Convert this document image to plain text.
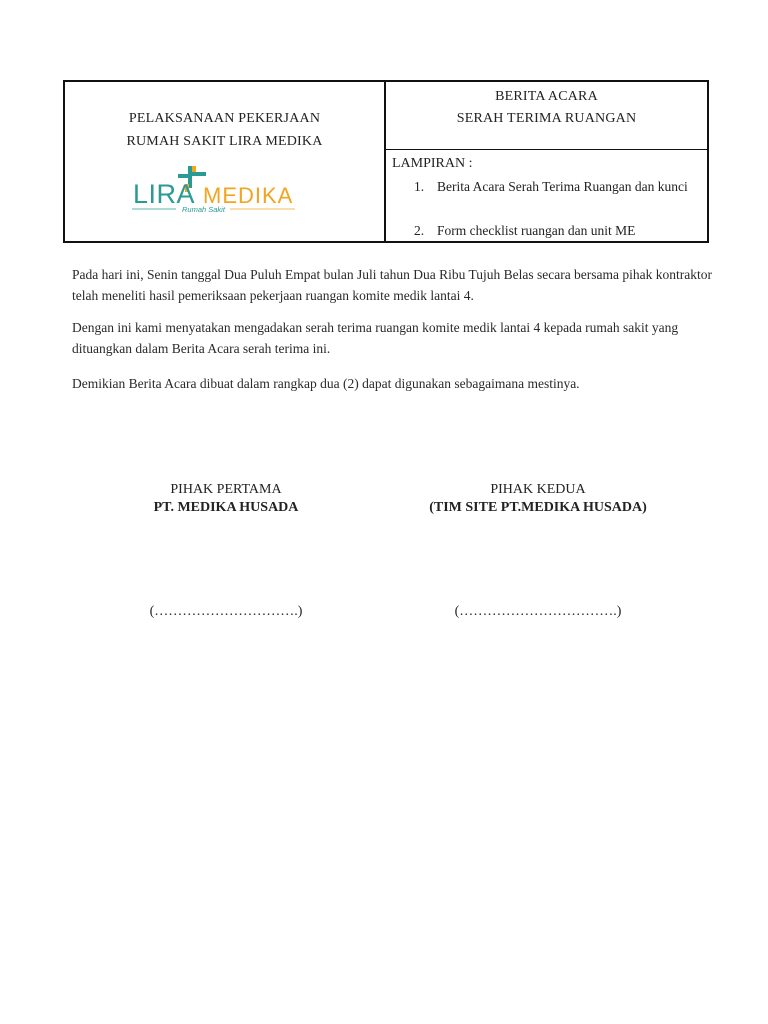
PELAKSANAAN PEKERJAAN
RUMAH SAKIT LIRA MEDIKA
LIRA MEDIKA
Rumah Sakit
BERITA ACARA
SERAH TERIMA RUANGAN
LAMPIRAN :
1. Berita Acara Serah Terima Ruangan dan kunci
2. Form checklist ruangan dan unit ME
Pada hari ini, Senin tanggal Dua Puluh Empat bulan Juli tahun Dua Ribu Tujuh Belas secara bersama pihak kontraktor telah meneliti hasil pemeriksaan pekerjaan ruangan komite medik lantai 4.
Dengan ini kami menyatakan mengadakan serah terima ruangan komite medik lantai 4 kepada rumah sakit yang dituangkan dalam Berita Acara serah terima ini.
Demikian Berita Acara dibuat dalam rangkap dua (2) dapat digunakan sebagaimana mestinya.
PIHAK PERTAMA
PT. MEDIKA HUSADA
(………………………….)
PIHAK KEDUA
(TIM SITE PT.MEDIKA HUSADA)
(…………………………….)
